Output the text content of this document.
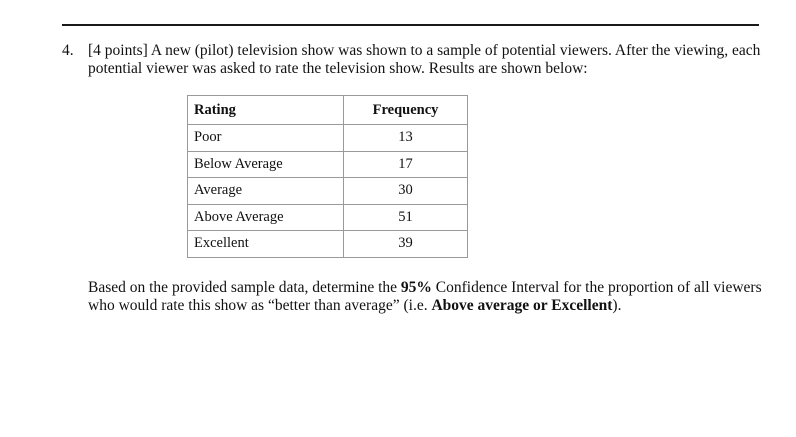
4. [4 points] A new (pilot) television show was shown to a sample of potential viewers. After the viewing, each potential viewer was asked to rate the television show. Results are shown below:
Rating	Frequency
Poor	13
Below Average	17
Average	30
Above Average	51
Excellent	39
Based on the provided sample data, determine the 95% Confidence Interval for the proportion of all viewers who would rate this show as “better than average” (i.e. Above average or Excellent).
